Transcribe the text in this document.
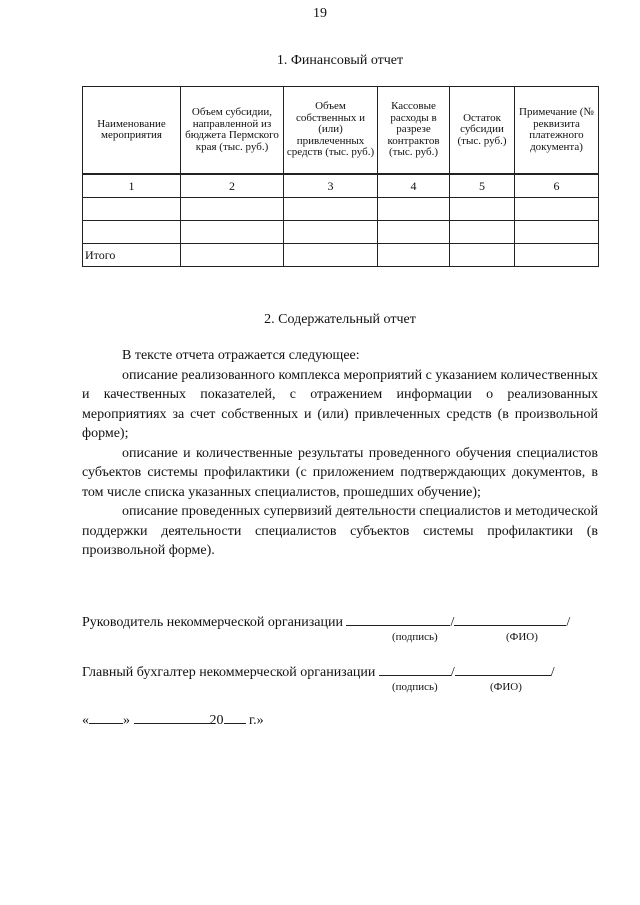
19
1. Финансовый отчет
Наименование мероприятия	Объем субсидии, направленной из бюджета Пермского края (тыс. руб.)	Объем собственных и (или) привлеченных средств (тыс. руб.)	Кассовые расходы в разрезе контрактов (тыс. руб.)	Остаток субсидии (тыс. руб.)	Примечание (№ реквизита платежного документа)

1	2	3	4	5	6

Итого					
2. Содержательный отчет

В тексте отчета отражается следующее:

описание реализованного комплекса мероприятий с указанием количественных и качественных показателей, с отражением информации о реализованных мероприятиях за счет собственных и (или) привлеченных средств (в произвольной форме);

описание и количественные результаты проведенного обучения специалистов субъектов системы профилактики (с приложением подтверждающих документов, в том числе списка указанных специалистов, прошедших обучение);

описание проведенных супервизий деятельности специалистов и методической поддержки деятельности специалистов субъектов системы профилактики (в произвольной форме).

Руководитель некоммерческой организации	/	/
(подпись)	(ФИО)
Главный бухгалтер некоммерческой организации	/	/
(подпись)	(ФИО)
« »	20 г.»
